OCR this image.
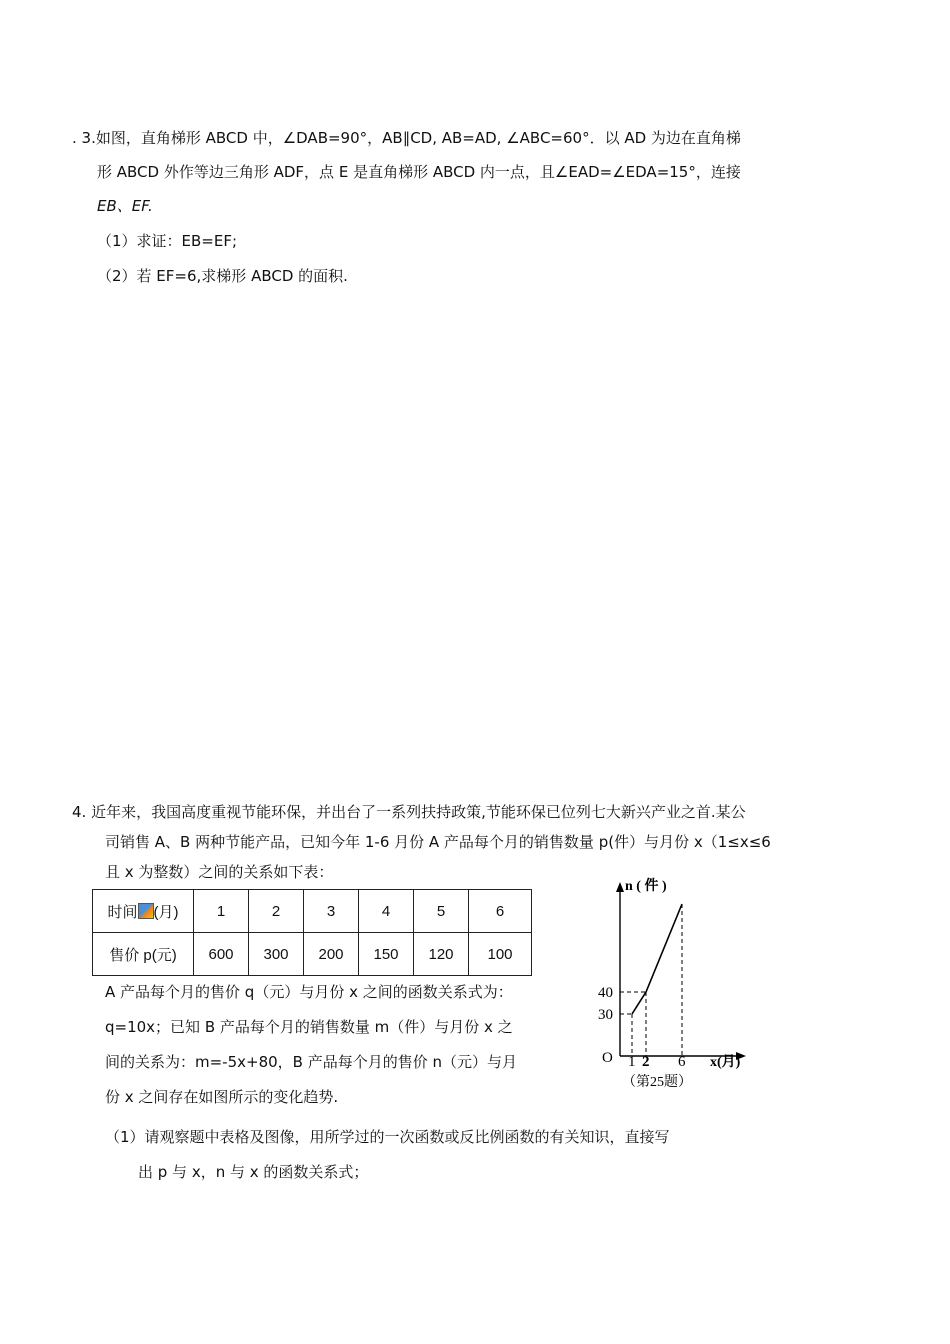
. 3.如图，直角梯形 ABCD 中，∠DAB=90°，AB∥CD, AB=AD, ∠ABC=60°．以 AD 为边在直角梯
形 ABCD 外作等边三角形 ADF，点 E 是直角梯形 ABCD 内一点，且∠EAD=∠EDA=15°，连接
EB、EF.
（1）求证：EB=EF;
（2）若 EF=6,求梯形 ABCD 的面积.
4. 近年来，我国高度重视节能环保，并出台了一系列扶持政策,节能环保已位列七大新兴产业之首.某公
司销售 A、B 两种节能产品，已知今年 1-6 月份 A 产品每个月的销售数量 p(件）与月份 x（1≤x≤6
且 x 为整数）之间的关系如下表：
时间 (月)	1	2	3	4	5	6
售价 p(元)	600	300	200	150	120	100
A 产品每个月的售价 q（元）与月份 x 之间的函数关系式为：
q=10x；已知 B 产品每个月的销售数量 m（件）与月份 x 之
间的关系为：m=-5x+80，B 产品每个月的售价 n（元）与月
份 x 之间存在如图所示的变化趋势.
（1）请观察题中表格及图像，用所学过的一次函数或反比例函数的有关知识，直接写
出 p 与 x，n 与 x 的函数关系式；
n ( 件 )
x(月)
O
（第25题）
30
40
1 2 6
